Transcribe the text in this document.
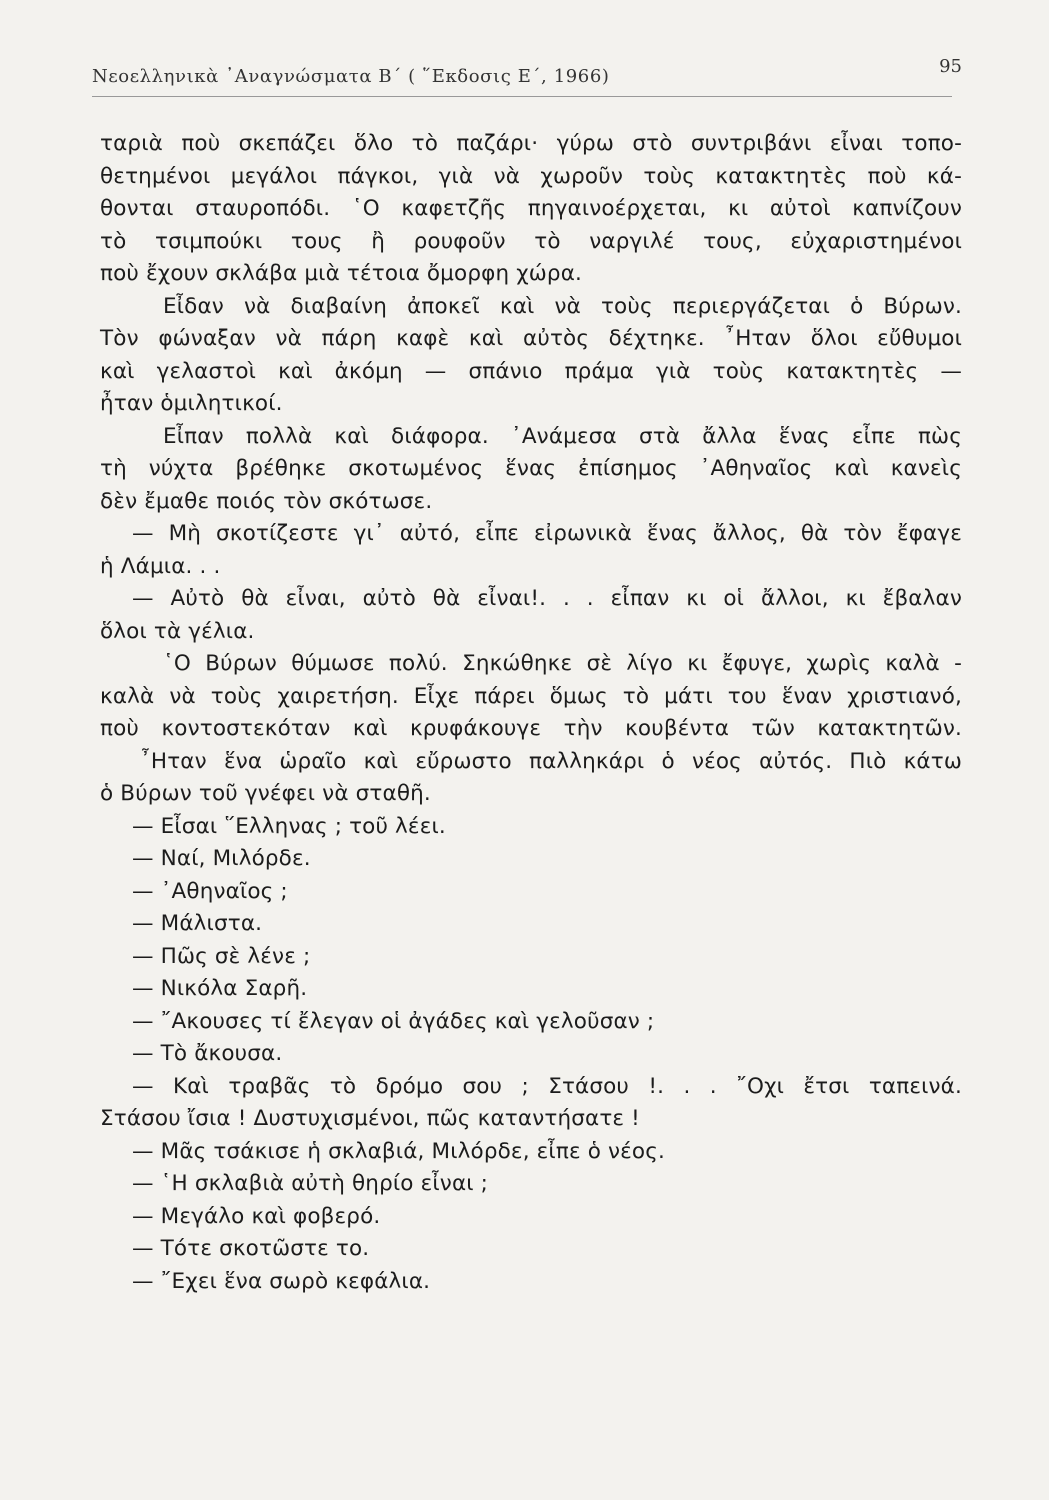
Νεοελληνικὰ ᾿Αναγνώσματα Β΄ ( ῞Εκδοσις Ε΄, 1966)	95
ταριὰ ποὺ σκεπάζει ὅλο τὸ παζάρι· γύρω στὸ συντριβάνι εἶναι τοπο-
θετημένοι μεγάλοι πάγκοι, γιὰ νὰ χωροῦν τοὺς κατακτητὲς ποὺ κά-
θονται σταυροπόδι. ῾Ο καφετζῆς πηγαινοέρχεται, κι αὐτοὶ καπνίζουν
τὸ τσιμπούκι τους ἢ ρουφοῦν τὸ ναργιλέ τους, εὐχαριστημένοι
ποὺ ἔχουν σκλάβα μιὰ τέτοια ὄμορφη χώρα.
Εἶδαν νὰ διαβαίνη ἀποκεῖ καὶ νὰ τοὺς περιεργάζεται ὁ Βύρων.
Τὸν φώναξαν νὰ πάρη καφὲ καὶ αὐτὸς δέχτηκε. ῏Ηταν ὅλοι εὔθυμοι
καὶ γελαστοὶ καὶ ἀκόμη — σπάνιο πράμα γιὰ τοὺς κατακτητὲς —
ἦταν ὁμιλητικοί.
Εἶπαν πολλὰ καὶ διάφορα. ᾿Ανάμεσα στὰ ἄλλα ἕνας εἶπε πὼς
τὴ νύχτα βρέθηκε σκοτωμένος ἕνας ἐπίσημος ᾿Αθηναῖος καὶ κανεὶς
δὲν ἔμαθε ποιός τὸν σκότωσε.
— Μὴ σκοτίζεστε γι᾿ αὐτό, εἶπε εἰρωνικὰ ἕνας ἄλλος, θὰ τὸν ἔφαγε
ἡ Λάμια. . .
— Αὐτὸ θὰ εἶναι, αὐτὸ θὰ εἶναι!. . . εἶπαν κι οἱ ἄλλοι, κι ἔβαλαν
ὅλοι τὰ γέλια.
῾Ο Βύρων θύμωσε πολύ. Σηκώθηκε σὲ λίγο κι ἔφυγε, χωρὶς καλὰ -
καλὰ νὰ τοὺς χαιρετήση. Εἶχε πάρει ὅμως τὸ μάτι του ἕναν χριστιανό,
ποὺ κοντοστεκόταν καὶ κρυφάκουγε τὴν κουβέντα τῶν κατακτητῶν.
῏Ηταν ἕνα ὡραῖο καὶ εὔρωστο παλληκάρι ὁ νέος αὐτός. Πιὸ κάτω
ὁ Βύρων τοῦ γνέφει νὰ σταθῆ.
— Εἶσαι ῞Ελληνας ; τοῦ λέει.
— Ναί, Μιλόρδε.
— ᾿Αθηναῖος ;
— Μάλιστα.
— Πῶς σὲ λένε ;
— Νικόλα Σαρῆ.
— ῎Ακουσες τί ἔλεγαν οἱ ἀγάδες καὶ γελοῦσαν ;
— Τὸ ἄκουσα.
— Καὶ τραβᾶς τὸ δρόμο σου ; Στάσου !. . . ῎Οχι ἔτσι ταπεινά.
Στάσου ἴσια ! Δυστυχισμένοι, πῶς καταντήσατε !
— Μᾶς τσάκισε ἡ σκλαβιά, Μιλόρδε, εἶπε ὁ νέος.
— ῾Η σκλαβιὰ αὐτὴ θηρίο εἶναι ;
— Μεγάλο καὶ φοβερό.
— Τότε σκοτῶστε το.
— ῎Εχει ἕνα σωρὸ κεφάλια.
